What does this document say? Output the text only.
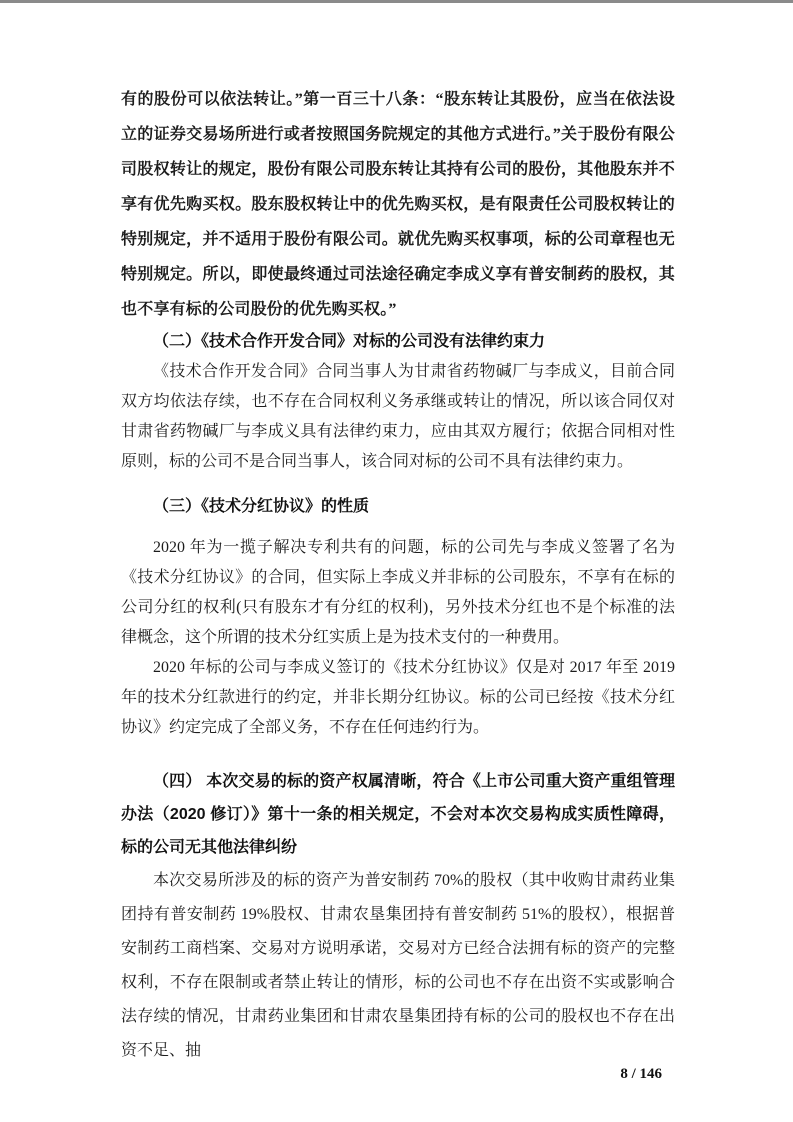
有的股份可以依法转让。”第一百三十八条：“股东转让其股份，应当在依法设立的证券交易场所进行或者按照国务院规定的其他方式进行。”关于股份有限公司股权转让的规定，股份有限公司股东转让其持有公司的股份，其他股东并不享有优先购买权。股东股权转让中的优先购买权，是有限责任公司股权转让的特别规定，并不适用于股份有限公司。就优先购买权事项，标的公司章程也无特别规定。所以，即使最终通过司法途径确定李成义享有普安制药的股权，其也不享有标的公司股份的优先购买权。”

（二）《技术合作开发合同》对标的公司没有法律约束力

《技术合作开发合同》合同当事人为甘肃省药物碱厂与李成义，目前合同双方均依法存续，也不存在合同权利义务承继或转让的情况，所以该合同仅对甘肃省药物碱厂与李成义具有法律约束力，应由其双方履行；依据合同相对性原则，标的公司不是合同当事人，该合同对标的公司不具有法律约束力。

（三）《技术分红协议》的性质

2020 年为一揽子解决专利共有的问题，标的公司先与李成义签署了名为《技术分红协议》的合同，但实际上李成义并非标的公司股东，不享有在标的公司分红的权利(只有股东才有分红的权利)，另外技术分红也不是个标准的法律概念，这个所谓的技术分红实质上是为技术支付的一种费用。

2020 年标的公司与李成义签订的《技术分红协议》仅是对 2017 年至 2019 年的技术分红款进行的约定，并非长期分红协议。标的公司已经按《技术分红协议》约定完成了全部义务，不存在任何违约行为。

（四） 本次交易的标的资产权属清晰，符合《上市公司重大资产重组管理办法（2020 修订）》第十一条的相关规定，不会对本次交易构成实质性障碍，标的公司无其他法律纠纷

本次交易所涉及的标的资产为普安制药 70%的股权（其中收购甘肃药业集团持有普安制药 19%股权、甘肃农垦集团持有普安制药 51%的股权），根据普安制药工商档案、交易对方说明承诺，交易对方已经合法拥有标的资产的完整权利，不存在限制或者禁止转让的情形，标的公司也不存在出资不实或影响合法存续的情况，甘肃药业集团和甘肃农垦集团持有标的公司的股权也不存在出资不足、抽

8 / 146
